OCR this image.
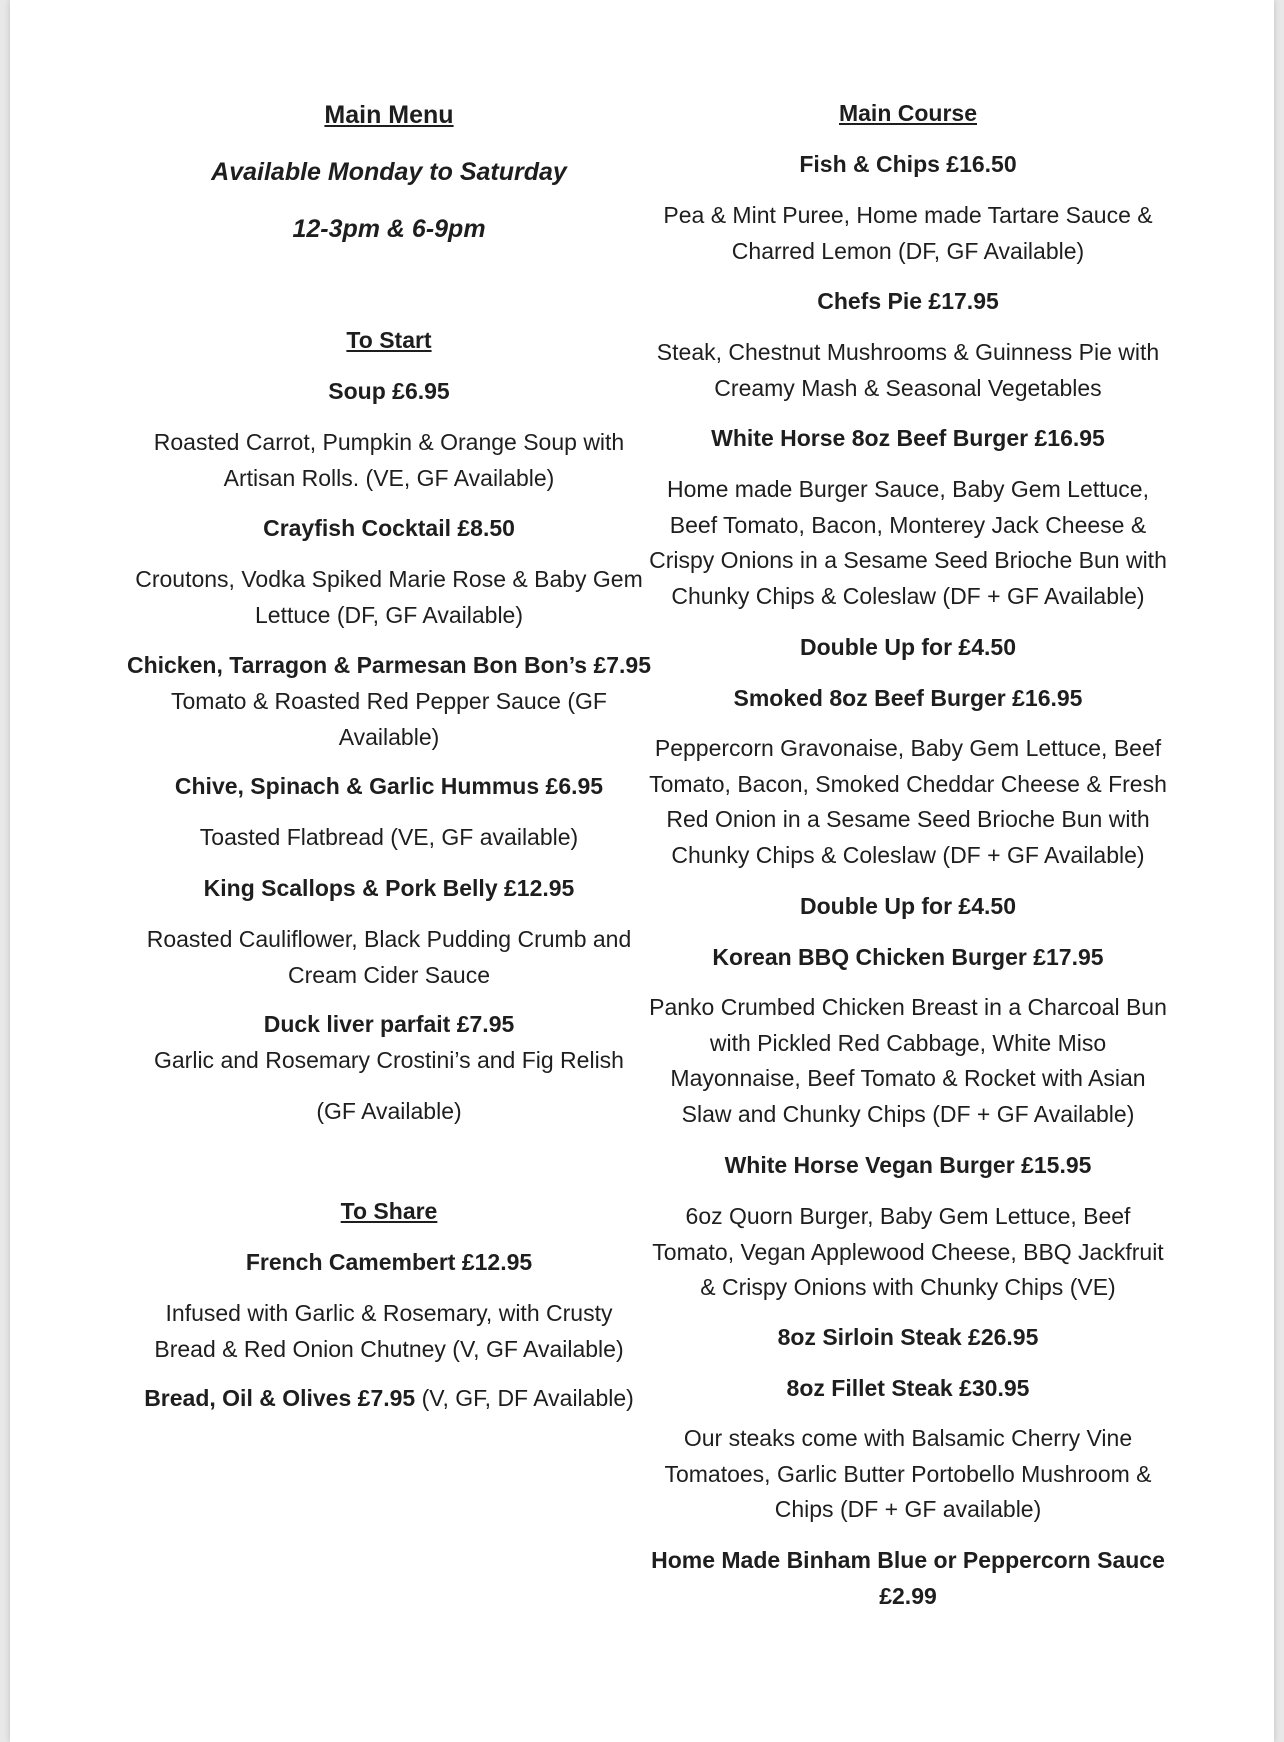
Main Menu
Available Monday to Saturday
12-3pm & 6-9pm
To Start
Soup £6.95

Roasted Carrot, Pumpkin & Orange Soup with

Artisan Rolls. (VE, GF Available)

Crayfish Cocktail £8.50

Croutons, Vodka Spiked Marie Rose & Baby Gem

Lettuce (DF, GF Available)

Chicken, Tarragon & Parmesan Bon Bon’s £7.95

Tomato & Roasted Red Pepper Sauce (GF

Available)

Chive, Spinach & Garlic Hummus £6.95

Toasted Flatbread (VE, GF available)

King Scallops & Pork Belly £12.95

Roasted Cauliflower, Black Pudding Crumb and

Cream Cider Sauce

Duck liver parfait £7.95

Garlic and Rosemary Crostini’s and Fig Relish

(GF Available)

To Share
French Camembert £12.95

Infused with Garlic & Rosemary, with Crusty

Bread & Red Onion Chutney (V, GF Available)

Bread, Oil & Olives £7.95 (V, GF, DF Available)
Main Course
Fish & Chips £16.50

Pea & Mint Puree, Home made Tartare Sauce &

Charred Lemon (DF, GF Available)

Chefs Pie £17.95

Steak, Chestnut Mushrooms & Guinness Pie with

Creamy Mash & Seasonal Vegetables

White Horse 8oz Beef Burger £16.95

Home made Burger Sauce, Baby Gem Lettuce,

Beef Tomato, Bacon, Monterey Jack Cheese &

Crispy Onions in a Sesame Seed Brioche Bun with

Chunky Chips & Coleslaw (DF + GF Available)

Double Up for £4.50
Smoked 8oz Beef Burger £16.95

Peppercorn Gravonaise, Baby Gem Lettuce, Beef

Tomato, Bacon, Smoked Cheddar Cheese & Fresh

Red Onion in a Sesame Seed Brioche Bun with

Chunky Chips & Coleslaw (DF + GF Available)

Double Up for £4.50
Korean BBQ Chicken Burger £17.95

Panko Crumbed Chicken Breast in a Charcoal Bun

with Pickled Red Cabbage, White Miso

Mayonnaise, Beef Tomato & Rocket with Asian

Slaw and Chunky Chips (DF + GF Available)

White Horse Vegan Burger £15.95

6oz Quorn Burger, Baby Gem Lettuce, Beef

Tomato, Vegan Applewood Cheese, BBQ Jackfruit

& Crispy Onions with Chunky Chips (VE)

8oz Sirloin Steak £26.95
8oz Fillet Steak £30.95

Our steaks come with Balsamic Cherry Vine

Tomatoes, Garlic Butter Portobello Mushroom &

Chips (DF + GF available)

Home Made Binham Blue or Peppercorn Sauce

£2.99
